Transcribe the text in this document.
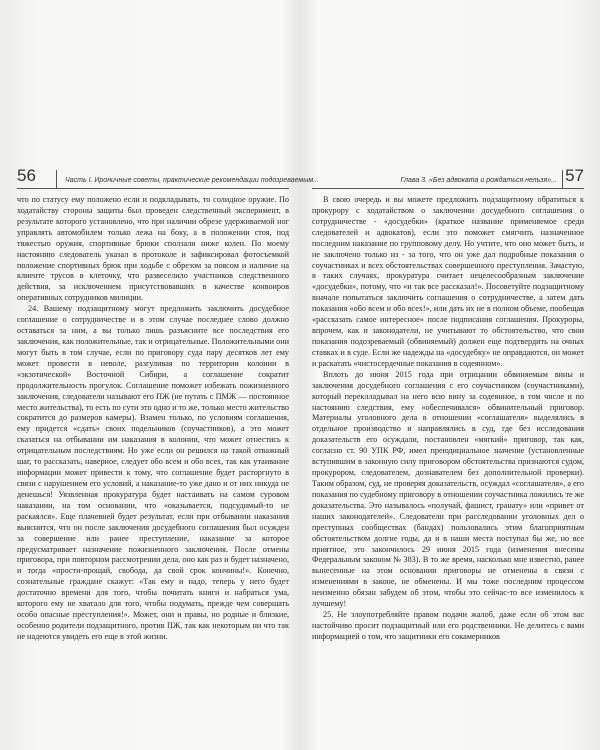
56	Часть I. Ироничные советы, практические рекомендации подозреваемым...

что по статусу ему положено если и подкладывать, то солидное оружие. По ходатайству стороны защиты был проведен следственный эксперимент, в результате которого установлено, что при наличии обрезе удерживаемой ног управлять автомобилем только лежа на боку, а в положении стоя, под тяжестью оружия, спортивные брюки сползали ниже колен. По моему настоянию следователь указал в протоколе и зафиксировал фотосъемкой положение спортивных брюк при ходьбе с обрезом за поясом и наличие на клиенте трусов в клеточку, что развеселило участников следственного действия, за исключением присутствовавших в качестве конвоиров оперативных сотрудников милиции.

24. Вашему подзащитному могут предложить заключить досудебное соглашение о сотрудничестве и в этом случае последнее слово должно оставаться за ним, а вы только лишь разъясните все последствия его заключения, как положительные, так и отрицательные. Положительными они могут быть в том случае, если по приговору суда пару десятков лет ему может провести в неволе, разгуливая по территории колонии в «экзотической» Восточной Сибири, а соглашение сократит продолжительность прогулок. Соглашение поможет избежать пожизненного заключения, следователи называют его ПЖ (не путать с ПМЖ — постоянное место жительства), то есть по сути это одно и то же, только место жительство сократится до размеров камеры). Взамен только, по условиям соглашения, ему придется «сдать» своих подельников (соучастников), а это может сказаться на отбывании им наказания в колонии, что может отнестись к отрицательным последствиям. Но уже если он решился на такой отважный шаг, то рассказать, наверное, следует обо всем и обо всех, так как утаивание информации может привести к тому, что соглашение будет расторгнуто в связи с нарушением его условий, а наказание-то уже дано и от них никуда не денешься! Уязвленная прокуратура будет настаивать на самом суровом наказании, на том основании, что «оказывается, подсудимый-то не раскаялся». Еще плачевней будет результат, если при отбывании наказания выяснится, что он после заключения досудебного соглашения был осужден за совершение или ранее преступление, наказание за которое предусматривает назначение пожизненного заключения. После отмены приговора, при повторном рассмотрении дела, оно как раз и будет назначено, и тогда «прости-прощай, свобода, да свой срок кончины!». Конечно, сознательные граждане скажут: «Так ему и надо, теперь у него будет достаточно времени для того, чтобы почитать книги и набраться ума, которого ему не хватало для того, чтобы подумать, прежде чем совершать особо опасные преступления!». Может, они и правы, но родные и близкие, особенно родители подзащитного, против ПЖ, так как некоторым ни что так не надеются увидеть его еще в этой жизни.

Глава 3. «Без адвоката и рождаться нельзя»... 57

В свою очередь и вы можете предложить подзащитному обратиться к прокурору с ходатайством о заключении досудебного соглашения о сотрудничестве - «досудебки» (краткое название применяемое среди следователей и адвокатов), если это поможет смягчить назначенное последним наказание по групповому делу. Но учтите, что оно может быть, и не заключено только из - за того, что он уже дал подробные показания о соучастниках и всех обстоятельствах совершенного преступления. Зачастую, в таких случаях, прокуратура считает нецелесообразным заключение «досудебки», потому, что «и так все рассказал!». Посоветуйте подзащитному вначале попытаться заключить соглашения о сотрудничестве, а затем дать показания «обо всем и обо всех!», или дать их не в полном объеме, пообещав «рассказать самое интересное» после подписания соглашения. Прокуроры, впрочем, как и законодатели, не учитывают то обстоятельство, что свои показания подозреваемый (обвиняемый) должен еще подтвердить на очных ставках и в суде. Если же надежды на «досудебку» не оправдаются, он может и раскатать «чистосердечные показания в содеянном».

Вплоть до июня 2015 года при отрицании обвиняемым вины и заключения досудебного соглашения с его соучастником (соучастниками), который переклладывал на него всю вину за содеянное, в том числе и по настоянию следствия, ему «обеспечивался» обвинительный приговор. Материалы уголовного дела в отношении «соглашателя» выделялись в отдельное производство и направлялись в суд, где без исследования доказательств его осуждали, постановлен «мягкий» приговор, так как, согласно ст. 90 УПК РФ, имел преюдициальное значение (установленные вступившим в законную силу приговором обстоятельства признаются судом, прокурором, следователем, дознавателем без дополнительной проверки). Таким образом, суд, не проверяя доказательств, осуждал «соглашателя», а его показания по судебному приговору в отношении соучастника ложились те же доказательства. Это называлось «получай, фашист, гранату» или «привет от наших законодателей». Следователи при расследовании уголовных дел о преступных сообществах (бандах) пользовались этим благоприятным обстоятельством долгие годы, да и в наши места поступал бы же, но все приятное, это закончилось 29 июня 2015 года (изменения внесены Федеральным законом № 383). В то же время, насколько мне известно, ранее вынесенные на этом основании приговоры не отменены в связи с изменениями в законе, не обменены. И мы тоже последним процессом неизменно обязан забудем об этом, чтобы это сейчас-то все изменилось к лучшему!

25. Не злоупотребляйте правом подачи жалоб, даже если об этом вас настойчиво просит подзащитный или его родственники. Не делитесь с вами информацией о том, что защитники его сокамерников
